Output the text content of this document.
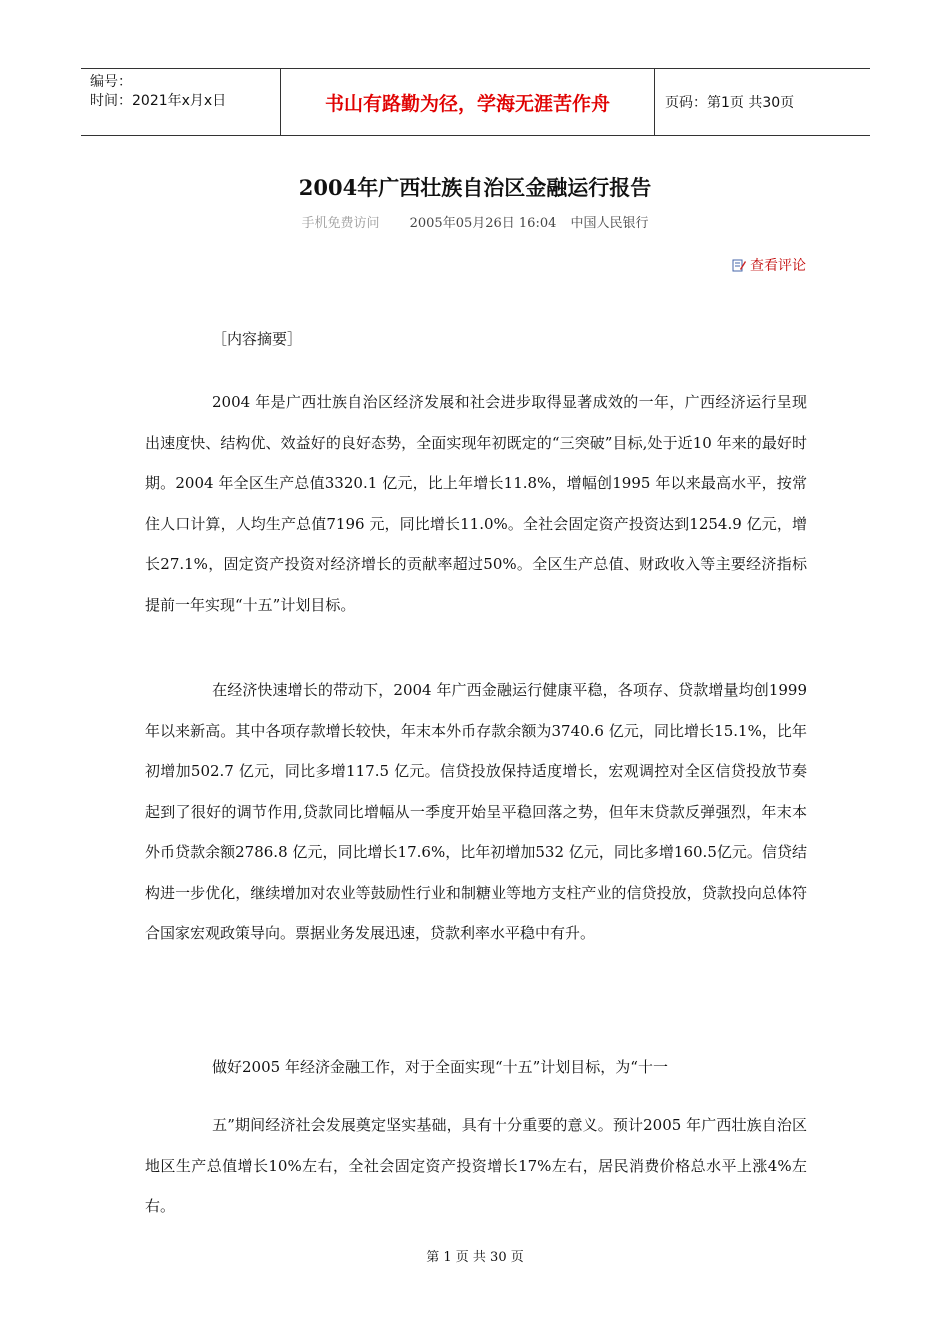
编号：
时间：2021年x月x日	书山有路勤为径，学海无涯苦作舟	页码：第1页 共30页
2004年广西壮族自治区金融运行报告
手机免费访问 2005年05月26日 16:04 中国人民银行
查看评论

［内容摘要］

2004 年是广西壮族自治区经济发展和社会进步取得显著成效的一年，广西经济运行呈现出速度快、结构优、效益好的良好态势，全面实现年初既定的“三突破”目标,处于近10 年来的最好时期。2004 年全区生产总值3320.1 亿元，比上年增长11.8%，增幅创1995 年以来最高水平，按常住人口计算，人均生产总值7196 元，同比增长11.0%。全社会固定资产投资达到1254.9 亿元，增长27.1%，固定资产投资对经济增长的贡献率超过50%。全区生产总值、财政收入等主要经济指标提前一年实现“十五”计划目标。

在经济快速增长的带动下，2004 年广西金融运行健康平稳，各项存、贷款增量均创1999 年以来新高。其中各项存款增长较快，年末本外币存款余额为3740.6 亿元，同比增长15.1%，比年初增加502.7 亿元，同比多增117.5 亿元。信贷投放保持适度增长，宏观调控对全区信贷投放节奏起到了很好的调节作用,贷款同比增幅从一季度开始呈平稳回落之势，但年末贷款反弹强烈，年末本外币贷款余额2786.8 亿元，同比增长17.6%，比年初增加532 亿元，同比多增160.5亿元。信贷结构进一步优化，继续增加对农业等鼓励性行业和制糖业等地方支柱产业的信贷投放，贷款投向总体符合国家宏观政策导向。票据业务发展迅速，贷款利率水平稳中有升。

做好2005 年经济金融工作，对于全面实现“十五”计划目标，为“十一

五”期间经济社会发展奠定坚实基础，具有十分重要的意义。预计2005 年广西壮族自治区地区生产总值增长10%左右，全社会固定资产投资增长17%左右，居民消费价格总水平上涨4%左右。

第 1 页 共 30 页
